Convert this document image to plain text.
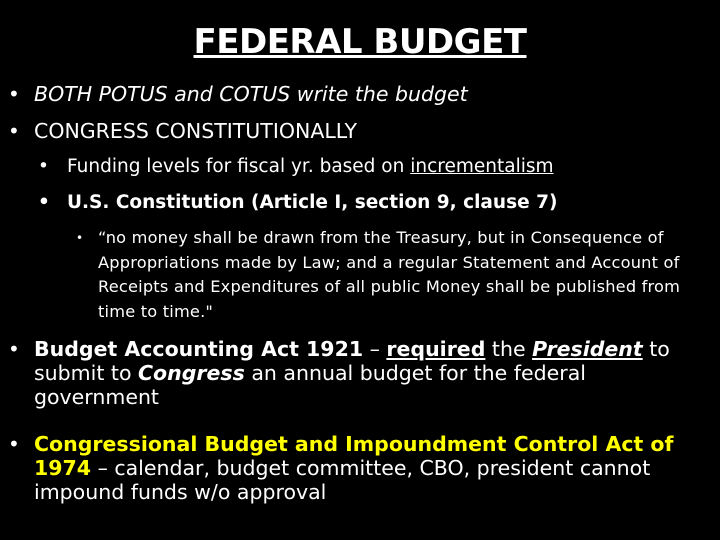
FEDERAL BUDGET
• BOTH POTUS and COTUS write the budget
• CONGRESS CONSTITUTIONALLY
• Funding levels for fiscal yr. based on incrementalism
• U.S. Constitution (Article I, section 9, clause 7)
• “no money shall be drawn from the Treasury, but in Consequence of Appropriations made by Law; and a regular Statement and Account of Receipts and Expenditures of all public Money shall be published from time to time."
• Budget Accounting Act 1921 – required the President to submit to Congress an annual budget for the federal government
• Congressional Budget and Impoundment Control Act of 1974 – calendar, budget committee, CBO, president cannot impound funds w/o approval
